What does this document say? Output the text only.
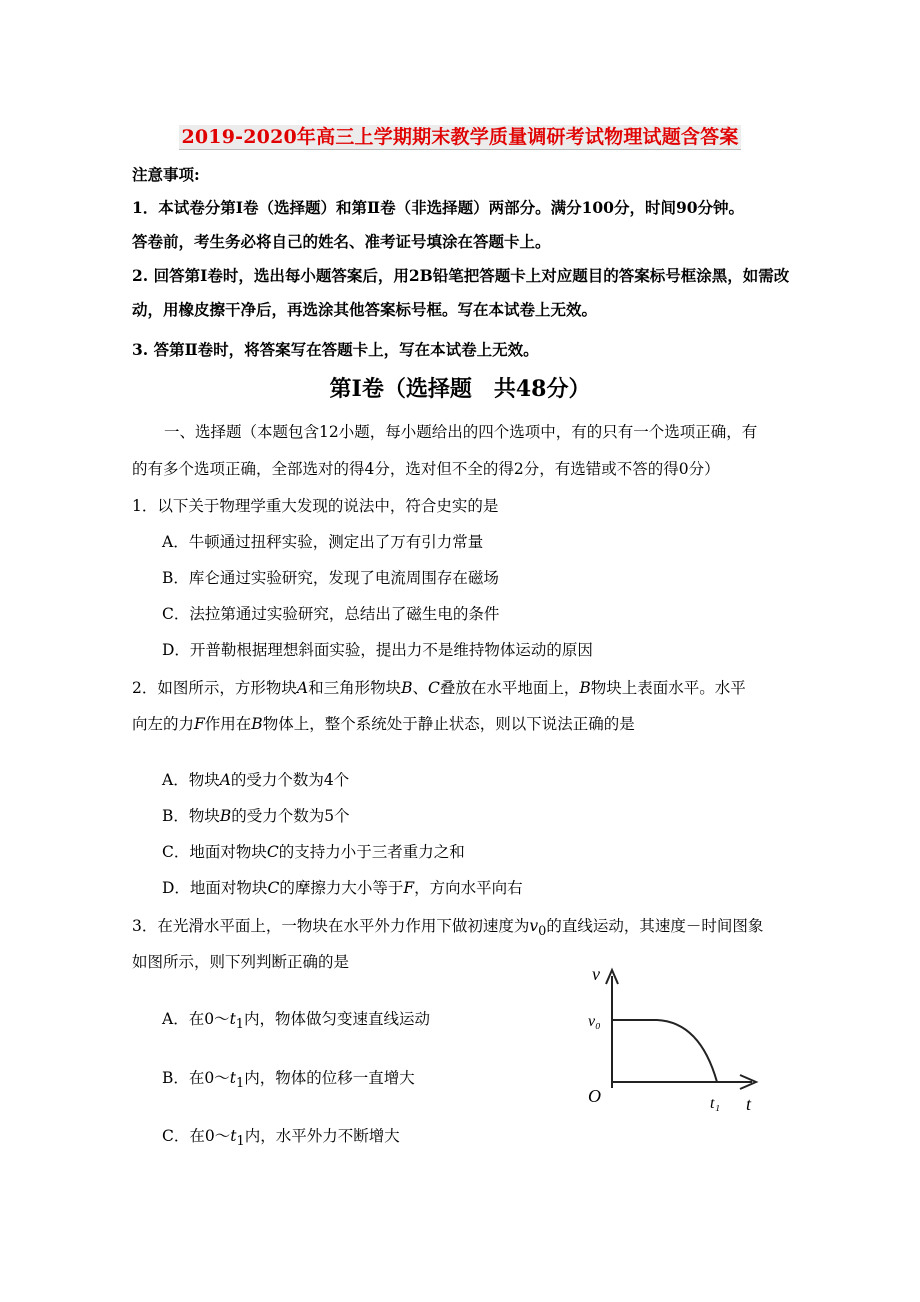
2019-2020年高三上学期期末教学质量调研考试物理试题含答案
注意事项:
1．本试卷分第Ⅰ卷（选择题）和第Ⅱ卷（非选择题）两部分。满分100分，时间90分钟。
答卷前，考生务必将自己的姓名、准考证号填涂在答题卡上。
2. 回答第Ⅰ卷时，选出每小题答案后，用2B铅笔把答题卡上对应题目的答案标号框涂黑，如需改
动，用橡皮擦干净后，再选涂其他答案标号框。写在本试卷上无效。
3. 答第Ⅱ卷时，将答案写在答题卡上，写在本试卷上无效。
第Ⅰ卷（选择题　共48分）
一、选择题（本题包含12小题，每小题给出的四个选项中，有的只有一个选项正确，有
的有多个选项正确，全部选对的得4分，选对但不全的得2分，有选错或不答的得0分）
1．以下关于物理学重大发现的说法中，符合史实的是
A．牛顿通过扭秤实验，测定出了万有引力常量
B．库仑通过实验研究，发现了电流周围存在磁场
C．法拉第通过实验研究，总结出了磁生电的条件
D．开普勒根据理想斜面实验，提出力不是维持物体运动的原因
2．如图所示，方形物块A和三角形物块B、C叠放在水平地面上，B物块上表面水平。水平
向左的力F作用在B物体上，整个系统处于静止状态，则以下说法正确的是
A．物块A的受力个数为4个
B．物块B的受力个数为5个
C．地面对物块C的支持力小于三者重力之和
D．地面对物块C的摩擦力大小等于F，方向水平向右
3．在光滑水平面上，一物块在水平外力作用下做初速度为$v_0$的直线运动，其速度－时间图象
如图所示，则下列判断正确的是
A．在$0\sim t_1$内，物体做匀变速直线运动
B．在$0\sim t_1$内，物体的位移一直增大
C．在$0\sim t_1$内，水平外力不断增大
v
v₀
O	t₁ t
